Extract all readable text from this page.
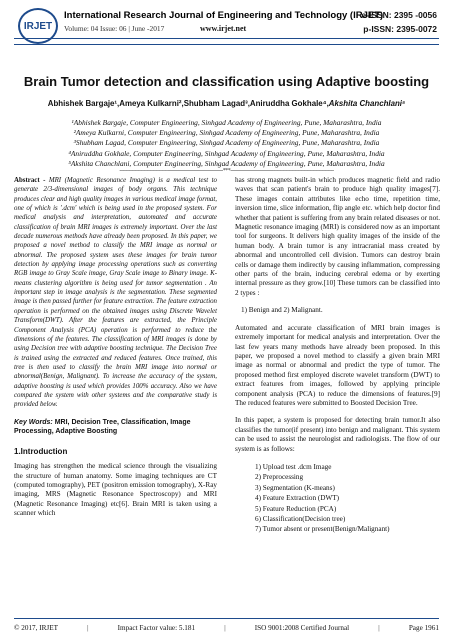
IRJET
International Research Journal of Engineering and Technology (IRJET)
Volume: 04 Issue: 06 | June -2017	www.irjet.net
e-ISSN: 2395 -0056
p-ISSN: 2395-0072
Brain Tumor detection and classification using Adaptive boosting
Abhishek Bargaje¹,Ameya Kulkarni²,Shubham Lagad³,Aniruddha Gokhale⁴,Akshita Chanchlani⁵
¹Abhishek Bargaje, Computer Engineering, Sinhgad Academy of Engineering, Pune, Maharashtra, India
²Ameya Kulkarni, Computer Engineering, Sinhgad Academy of Engineering, Pune, Maharashtra, India
³Shubham Lagad, Computer Engineering, Sinhgad Academy of Engineering, Pune, Maharashtra, India
⁴Aniruddha Gokhale, Computer Engineering, Sinhgad Academy of Engineering, Pune, Maharashtra, India
⁵Akshita Chanchlani, Computer Engineering, Sinhgad Academy of Engineering, Pune, Maharashtra, India
---------------------------------------------------------------------***---------------------------------------------------------------------
Abstract - MRI (Magnetic Resonance Imaging) is a medical test to generate 2/3-dimensional images of body organs. This technique produces clear and high quality images in various medical image format, one of which is '.dcm' which is being used in the proposed system. For medical analysis and interpretation, automated and accurate classification of brain MRI images is extremely important. Over the last decade numerous methods have already been proposed. In this paper, we proposed a novel method to classify the MRI image as normal or abnormal. The proposed system uses these images for brain tumor detection by applying image processing operations such as converting RGB image to Gray Scale image, Gray Scale image to Binary image. K-means clustering algorithm is being used for tumor segmentation . An important step in image analysis is the segmentation. These segmented image is then passed further for feature extraction. The feature extraction operation is performed on the obtained images using Discrete Wavelet Transform(DWT). After the features are extracted, the Principle Component Analysis (PCA) operation is performed to reduce the dimensions of the features. The classification of MRI images is done by using Decision tree with adaptive boosting technique. The Decision Tree is trained using the extracted and reduced features. Once trained, this tree is then used to classify the brain MRI image into normal or abnormal(Benign, Malignant). To increase the accuracy of the system, adaptive boosting is used which provides 100% accuracy. Also we have compared the system with other systems and the comparative study is provided below.
Key Words: MRI, Decision Tree, Classification, Image Processing, Adaptive Boosting
1.Introduction
Imaging has strengthen the medical science through the visualizing the structure of human anatomy. Some imaging techniques are CT (computed tomography), PET (positron emission tomography), X-Ray imaging, MRS (Magnetic Resonance Spectroscopy) and MRI (Magnetic Resonance Imaging) etc[6]. Brain MRI is taken using a scanner which
has strong magnets built-in which produces magnetic field and radio waves that scan patient's brain to produce high quality images[7]. These images contain attributes like echo time, repetition time, inversion time, slice information, flip angle etc. which help doctor find whether that patient is suffering from any brain related diseases or not. Magnetic resonance imaging (MRI) is considered now as an important tool for surgeons. It delivers high quality images of the inside of the human body. A brain tumor is any intracranial mass created by abnormal and uncontrolled cell division. Tumors can destroy brain cells or damage them indirectly by causing inflammation, compressing other parts of the brain, inducing cerebral edema or by exerting internal pressure as they grow.[10] These tumors can be classified into 2 types :
1) Benign and 2) Malignant.
Automated and accurate classification of MRI brain images is extremely important for medical analysis and interpretation. Over the last few years many methods have already been proposed. In this paper, we proposed a novel method to classify a given brain MRI image as normal or abnormal and predict the type of tumor. The proposed method first employed discrete wavelet transform (DWT) to extract features from images, followed by applying principle component analysis (PCA) to reduce the dimensions of features.[9] The reduced features were submitted to Boosted Decision Tree.
In this paper, a system is proposed for detecting brain tumor.It also classifies the tumor(if present) into benign and malignant. This system can be used to assist the neurologist and radiologists. The flow of our system is as follows:
1) Upload test .dcm Image
2) Preprocessing
3) Segmentation (K-means)
4) Feature Extraction (DWT)
5) Feature Reduction (PCA)
6) Classification(Decision tree)
7) Tumor absent or present(Benign/Malignant)
© 2017, IRJET	|	Impact Factor value: 5.181	|	ISO 9001:2008 Certified Journal	|	Page 1961
